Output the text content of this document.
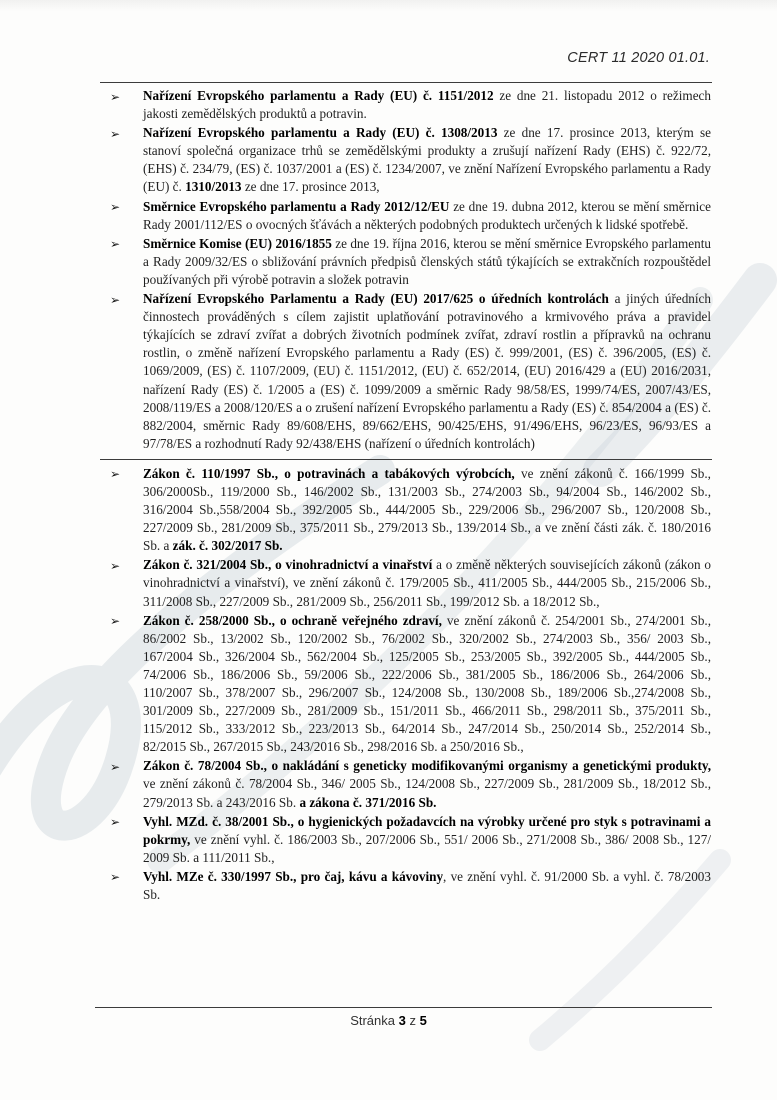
CERT 11 2020 01.01.
➢	Nařízení Evropského parlamentu a Rady (EU) č. 1151/2012 ze dne 21. listopadu 2012 o režimech jakosti zemědělských produktů a potravin.
➢	Nařízení Evropského parlamentu a Rady (EU) č. 1308/2013 ze dne 17. prosince 2013, kterým se stanoví společná organizace trhů se zemědělskými produkty a zrušují nařízení Rady (EHS) č. 922/72, (EHS) č. 234/79, (ES) č. 1037/2001 a (ES) č. 1234/2007, ve znění Nařízení Evropského parlamentu a Rady (EU) č. 1310/2013 ze dne 17. prosince 2013,
➢	Směrnice Evropského parlamentu a Rady 2012/12/EU ze dne 19. dubna 2012, kterou se mění směrnice Rady 2001/112/ES o ovocných šťávách a některých podobných produktech určených k lidské spotřebě.
➢	Směrnice Komise (EU) 2016/1855 ze dne 19. října 2016, kterou se mění směrnice Evropského parlamentu a Rady 2009/32/ES o sbližování právních předpisů členských států týkajících se extrakčních rozpouštědel používaných při výrobě potravin a složek potravin
➢	Nařízení Evropského Parlamentu a Rady (EU) 2017/625 o úředních kontrolách a jiných úředních činnostech prováděných s cílem zajistit uplatňování potravinového a krmivového práva a pravidel týkajících se zdraví zvířat a dobrých životních podmínek zvířat, zdraví rostlin a přípravků na ochranu rostlin, o změně nařízení Evropského parlamentu a Rady (ES) č. 999/2001, (ES) č. 396/2005, (ES) č. 1069/2009, (ES) č. 1107/2009, (EU) č. 1151/2012, (EU) č. 652/2014, (EU) 2016/429 a (EU) 2016/2031, nařízení Rady (ES) č. 1/2005 a (ES) č. 1099/2009 a směrnic Rady 98/58/ES, 1999/74/ES, 2007/43/ES, 2008/119/ES a 2008/120/ES a o zrušení nařízení Evropského parlamentu a Rady (ES) č. 854/2004 a (ES) č. 882/2004, směrnic Rady 89/608/EHS, 89/662/EHS, 90/425/EHS, 91/496/EHS, 96/23/ES, 96/93/ES a 97/78/ES a rozhodnutí Rady 92/438/EHS (nařízení o úředních kontrolách)
➢	Zákon č. 110/1997 Sb., o potravinách a tabákových výrobcích, ve znění zákonů č. 166/1999 Sb., 306/2000Sb., 119/2000 Sb., 146/2002 Sb., 131/2003 Sb., 274/2003 Sb., 94/2004 Sb., 146/2002 Sb., 316/2004 Sb.,558/2004 Sb., 392/2005 Sb., 444/2005 Sb., 229/2006 Sb., 296/2007 Sb., 120/2008 Sb., 227/2009 Sb., 281/2009 Sb., 375/2011 Sb., 279/2013 Sb., 139/2014 Sb., a ve znění části zák. č. 180/2016 Sb. a zák. č. 302/2017 Sb.
➢	Zákon č. 321/2004 Sb., o vinohradnictví a vinařství a o změně některých souvisejících zákonů (zákon o vinohradnictví a vinařství), ve znění zákonů č. 179/2005 Sb., 411/2005 Sb., 444/2005 Sb., 215/2006 Sb., 311/2008 Sb., 227/2009 Sb., 281/2009 Sb., 256/2011 Sb., 199/2012 Sb. a 18/2012 Sb.,
➢	Zákon č. 258/2000 Sb., o ochraně veřejného zdraví, ve znění zákonů č. 254/2001 Sb., 274/2001 Sb., 86/2002 Sb., 13/2002 Sb., 120/2002 Sb., 76/2002 Sb., 320/2002 Sb., 274/2003 Sb., 356/ 2003 Sb., 167/2004 Sb., 326/2004 Sb., 562/2004 Sb., 125/2005 Sb., 253/2005 Sb., 392/2005 Sb., 444/2005 Sb., 74/2006 Sb., 186/2006 Sb., 59/2006 Sb., 222/2006 Sb., 381/2005 Sb., 186/2006 Sb., 264/2006 Sb., 110/2007 Sb., 378/2007 Sb., 296/2007 Sb., 124/2008 Sb., 130/2008 Sb., 189/2006 Sb.,274/2008 Sb., 301/2009 Sb., 227/2009 Sb., 281/2009 Sb., 151/2011 Sb., 466/2011 Sb., 298/2011 Sb., 375/2011 Sb., 115/2012 Sb., 333/2012 Sb., 223/2013 Sb., 64/2014 Sb., 247/2014 Sb., 250/2014 Sb., 252/2014 Sb., 82/2015 Sb., 267/2015 Sb., 243/2016 Sb., 298/2016 Sb. a 250/2016 Sb.,
➢	Zákon č. 78/2004 Sb., o nakládání s geneticky modifikovanými organismy a genetickými produkty, ve znění zákonů č. 78/2004 Sb., 346/ 2005 Sb., 124/2008 Sb., 227/2009 Sb., 281/2009 Sb., 18/2012 Sb., 279/2013 Sb. a 243/2016 Sb. a zákona č. 371/2016 Sb.
➢	Vyhl. MZd. č. 38/2001 Sb., o hygienických požadavcích na výrobky určené pro styk s potravinami a pokrmy, ve znění vyhl. č. 186/2003 Sb., 207/2006 Sb., 551/ 2006 Sb., 271/2008 Sb., 386/ 2008 Sb., 127/ 2009 Sb. a 111/2011 Sb.,
➢	Vyhl. MZe č. 330/1997 Sb., pro čaj, kávu a kávoviny, ve znění vyhl. č. 91/2000 Sb. a vyhl. č. 78/2003 Sb.
Stránka 3 z 5
